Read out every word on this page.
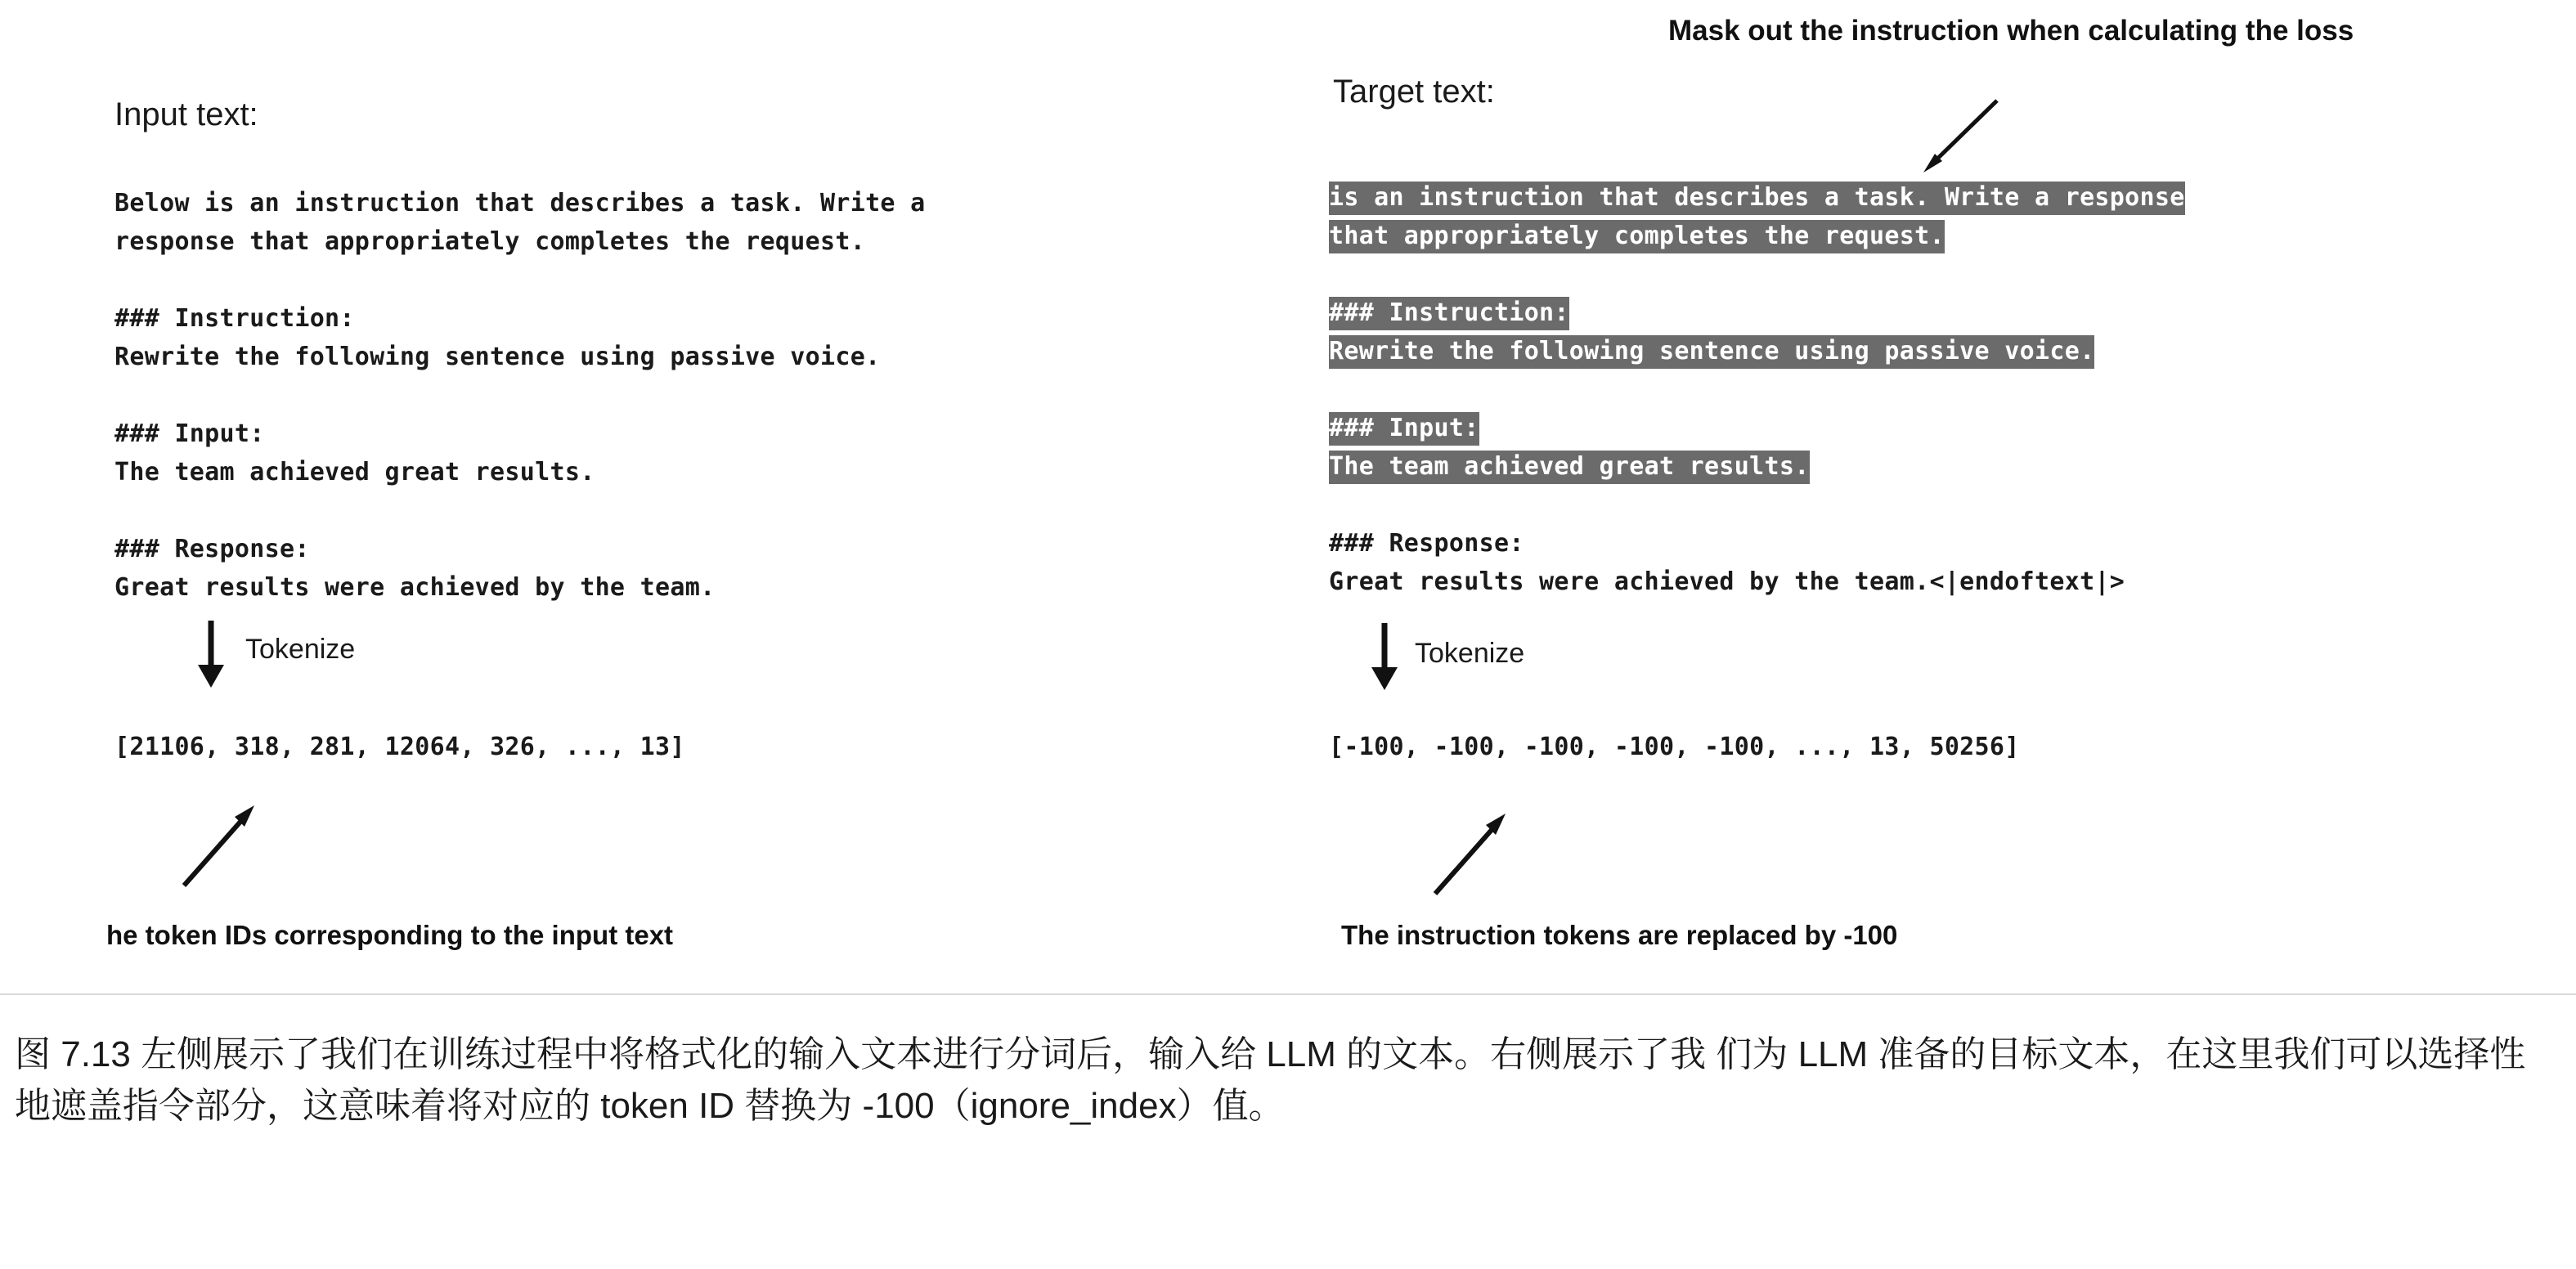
Mask out the instruction when calculating the loss
Input text:
Below is an instruction that describes a task. Write a
response that appropriately completes the request.

### Instruction:
Rewrite the following sentence using passive voice.

### Input:
The team achieved great results.

### Response:
Great results were achieved by the team.
Tokenize
[21106, 318, 281, 12064, 326, ..., 13]
he token IDs corresponding to the input text
Target text:
is an instruction that describes a task. Write a response
that appropriately completes the request.

### Instruction:
Rewrite the following sentence using passive voice.

### Input:
The team achieved great results.

### Response:
Great results were achieved by the team.<|endoftext|>
Tokenize
[-100, -100, -100, -100, -100, ..., 13, 50256]
The instruction tokens are replaced by -100
图 7.13 左侧展示了我们在训练过程中将格式化的输入文本进行分词后，输入给 LLM 的文本。右侧展示了我 们为 LLM 准备的目标文本，在这里我们可以选择性地遮盖指令部分，这意味着将对应的 token ID 替换为 -100（ignore_index）值。
